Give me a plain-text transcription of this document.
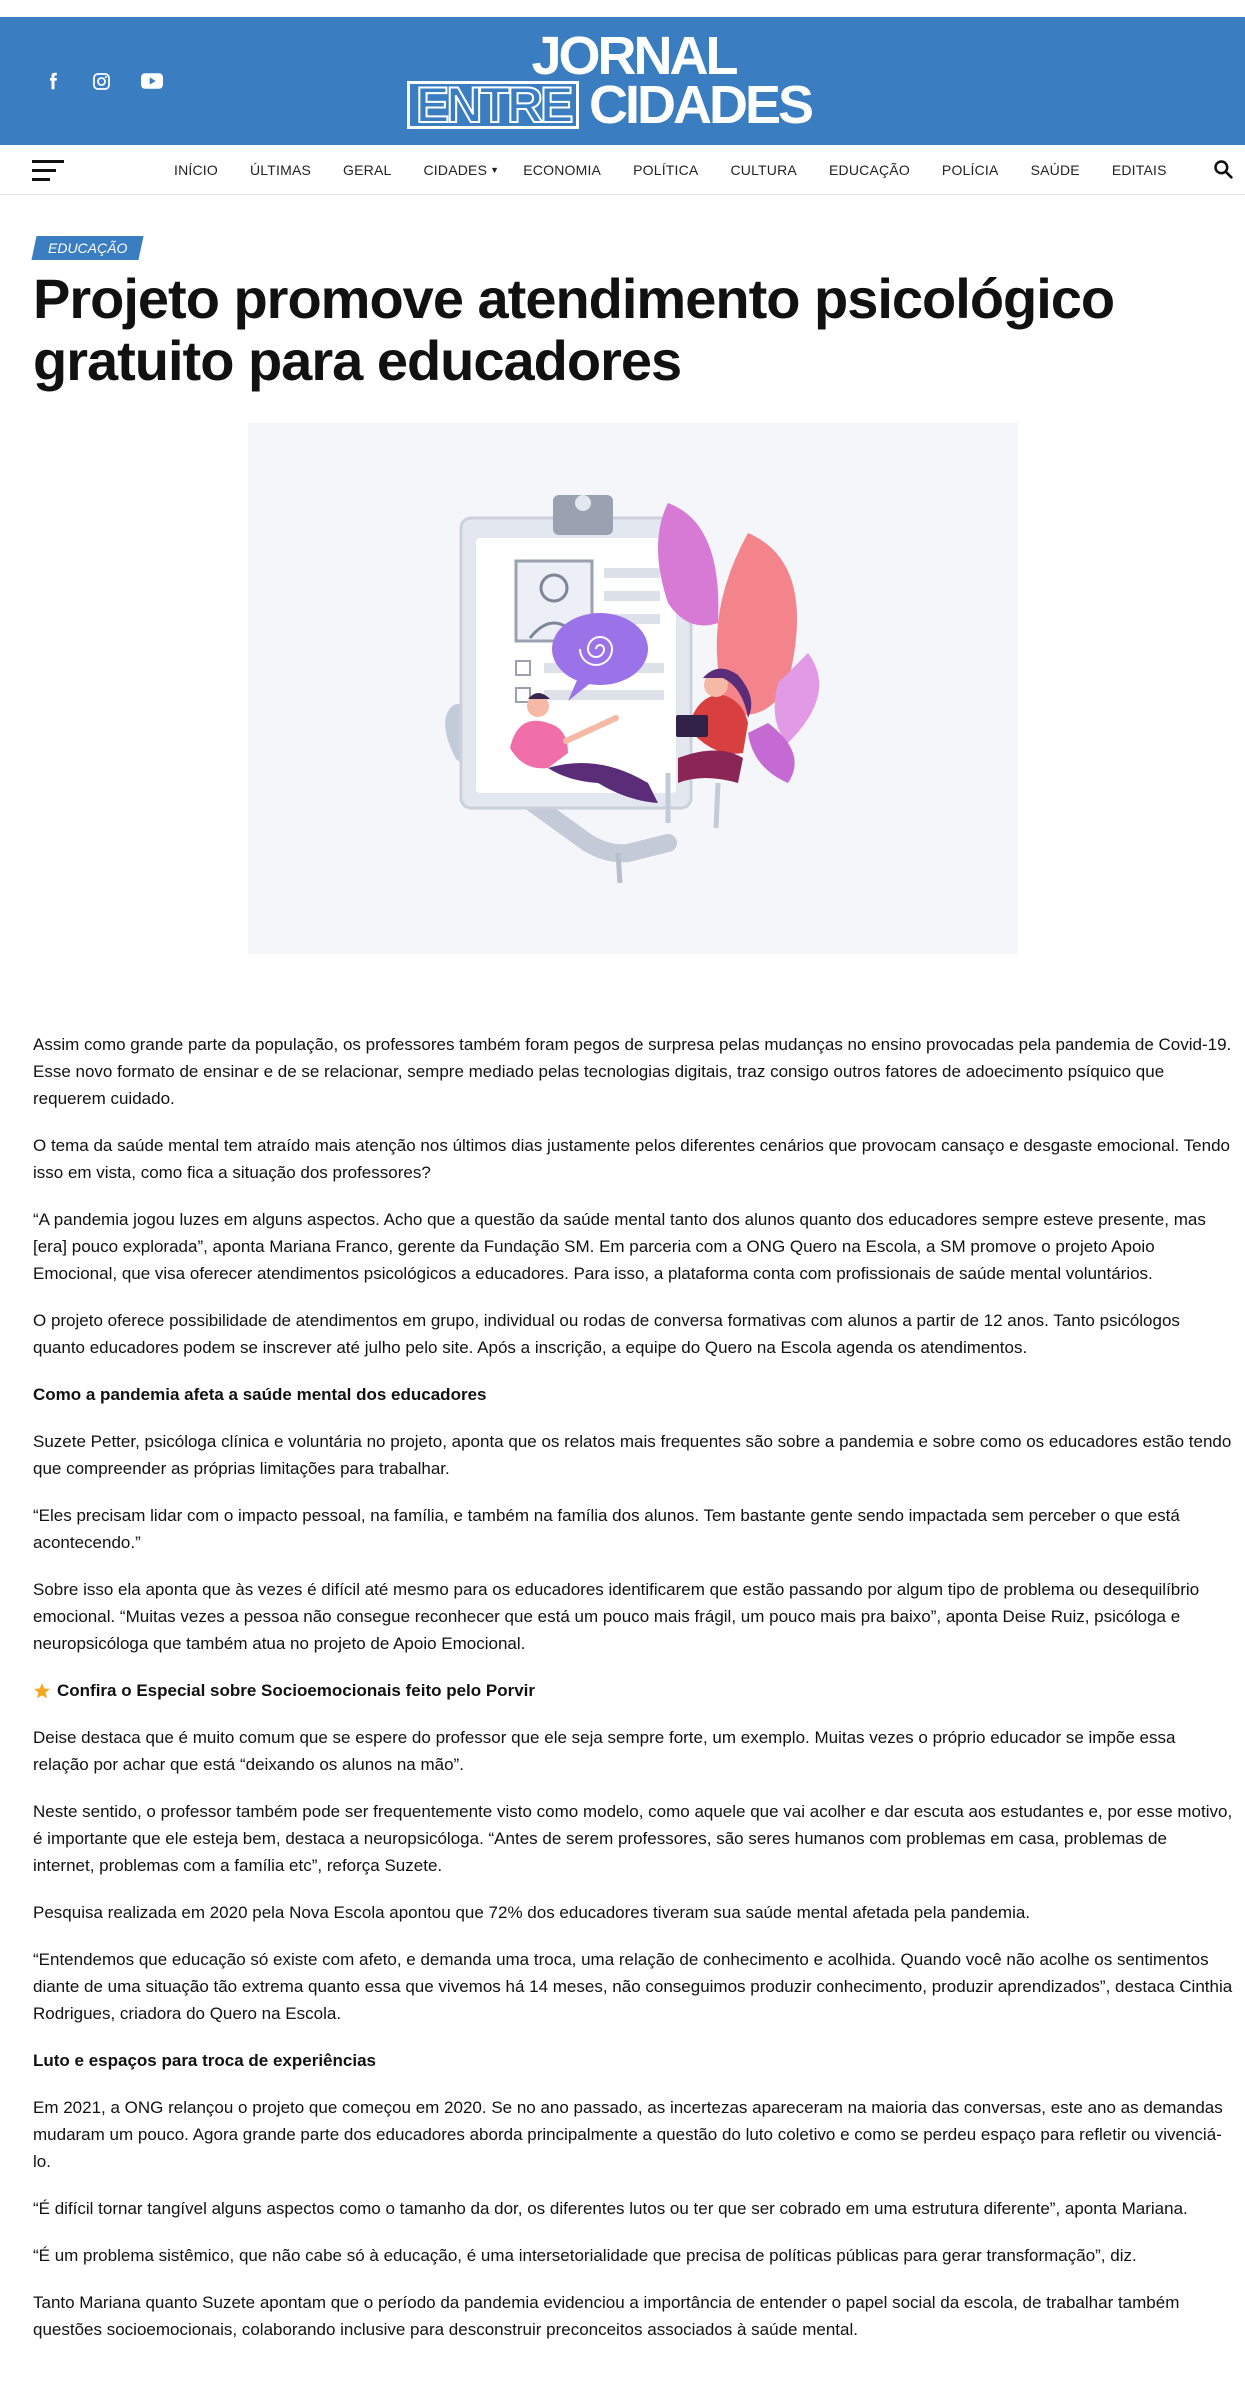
JORNAL
ENTRE CIDADES
INÍCIO ÚLTIMAS GERAL CIDADES ▼ ECONOMIA POLÍTICA CULTURA EDUCAÇÃO POLÍCIA SAÚDE EDITAIS
EDUCAÇÃO
Projeto promove atendimento psicológico gratuito para educadores

Assim como grande parte da população, os professores também foram pegos de surpresa pelas mudanças no ensino provocadas pela pandemia de Covid-19. Esse novo formato de ensinar e de se relacionar, sempre mediado pelas tecnologias digitais, traz consigo outros fatores de adoecimento psíquico que requerem cuidado.

O tema da saúde mental tem atraído mais atenção nos últimos dias justamente pelos diferentes cenários que provocam cansaço e desgaste emocional. Tendo isso em vista, como fica a situação dos professores?

“A pandemia jogou luzes em alguns aspectos. Acho que a questão da saúde mental tanto dos alunos quanto dos educadores sempre esteve presente, mas [era] pouco explorada”, aponta Mariana Franco, gerente da Fundação SM. Em parceria com a ONG Quero na Escola, a SM promove o projeto Apoio Emocional, que visa oferecer atendimentos psicológicos a educadores. Para isso, a plataforma conta com profissionais de saúde mental voluntários.

O projeto oferece possibilidade de atendimentos em grupo, individual ou rodas de conversa formativas com alunos a partir de 12 anos. Tanto psicólogos quanto educadores podem se inscrever até julho pelo site. Após a inscrição, a equipe do Quero na Escola agenda os atendimentos.

Como a pandemia afeta a saúde mental dos educadores

Suzete Petter, psicóloga clínica e voluntária no projeto, aponta que os relatos mais frequentes são sobre a pandemia e sobre como os educadores estão tendo que compreender as próprias limitações para trabalhar.

“Eles precisam lidar com o impacto pessoal, na família, e também na família dos alunos. Tem bastante gente sendo impactada sem perceber o que está acontecendo.”

Sobre isso ela aponta que às vezes é difícil até mesmo para os educadores identificarem que estão passando por algum tipo de problema ou desequilíbrio emocional. “Muitas vezes a pessoa não consegue reconhecer que está um pouco mais frágil, um pouco mais pra baixo”, aponta Deise Ruiz, psicóloga e neuropsicóloga que também atua no projeto de Apoio Emocional.

Confira o Especial sobre Socioemocionais feito pelo Porvir

Deise destaca que é muito comum que se espere do professor que ele seja sempre forte, um exemplo. Muitas vezes o próprio educador se impõe essa relação por achar que está “deixando os alunos na mão”.

Neste sentido, o professor também pode ser frequentemente visto como modelo, como aquele que vai acolher e dar escuta aos estudantes e, por esse motivo, é importante que ele esteja bem, destaca a neuropsicóloga. “Antes de serem professores, são seres humanos com problemas em casa, problemas de internet, problemas com a família etc”, reforça Suzete.

Pesquisa realizada em 2020 pela Nova Escola apontou que 72% dos educadores tiveram sua saúde mental afetada pela pandemia.

“Entendemos que educação só existe com afeto, e demanda uma troca, uma relação de conhecimento e acolhida. Quando você não acolhe os sentimentos diante de uma situação tão extrema quanto essa que vivemos há 14 meses, não conseguimos produzir conhecimento, produzir aprendizados”, destaca Cinthia Rodrigues, criadora do Quero na Escola.

Luto e espaços para troca de experiências

Em 2021, a ONG relançou o projeto que começou em 2020. Se no ano passado, as incertezas apareceram na maioria das conversas, este ano as demandas mudaram um pouco. Agora grande parte dos educadores aborda principalmente a questão do luto coletivo e como se perdeu espaço para refletir ou vivenciá-lo.

“É difícil tornar tangível alguns aspectos como o tamanho da dor, os diferentes lutos ou ter que ser cobrado em uma estrutura diferente”, aponta Mariana.

“É um problema sistêmico, que não cabe só à educação, é uma intersetorialidade que precisa de políticas públicas para gerar transformação”, diz.

Tanto Mariana quanto Suzete apontam que o período da pandemia evidenciou a importância de entender o papel social da escola, de trabalhar também questões socioemocionais, colaborando inclusive para desconstruir preconceitos associados à saúde mental.
